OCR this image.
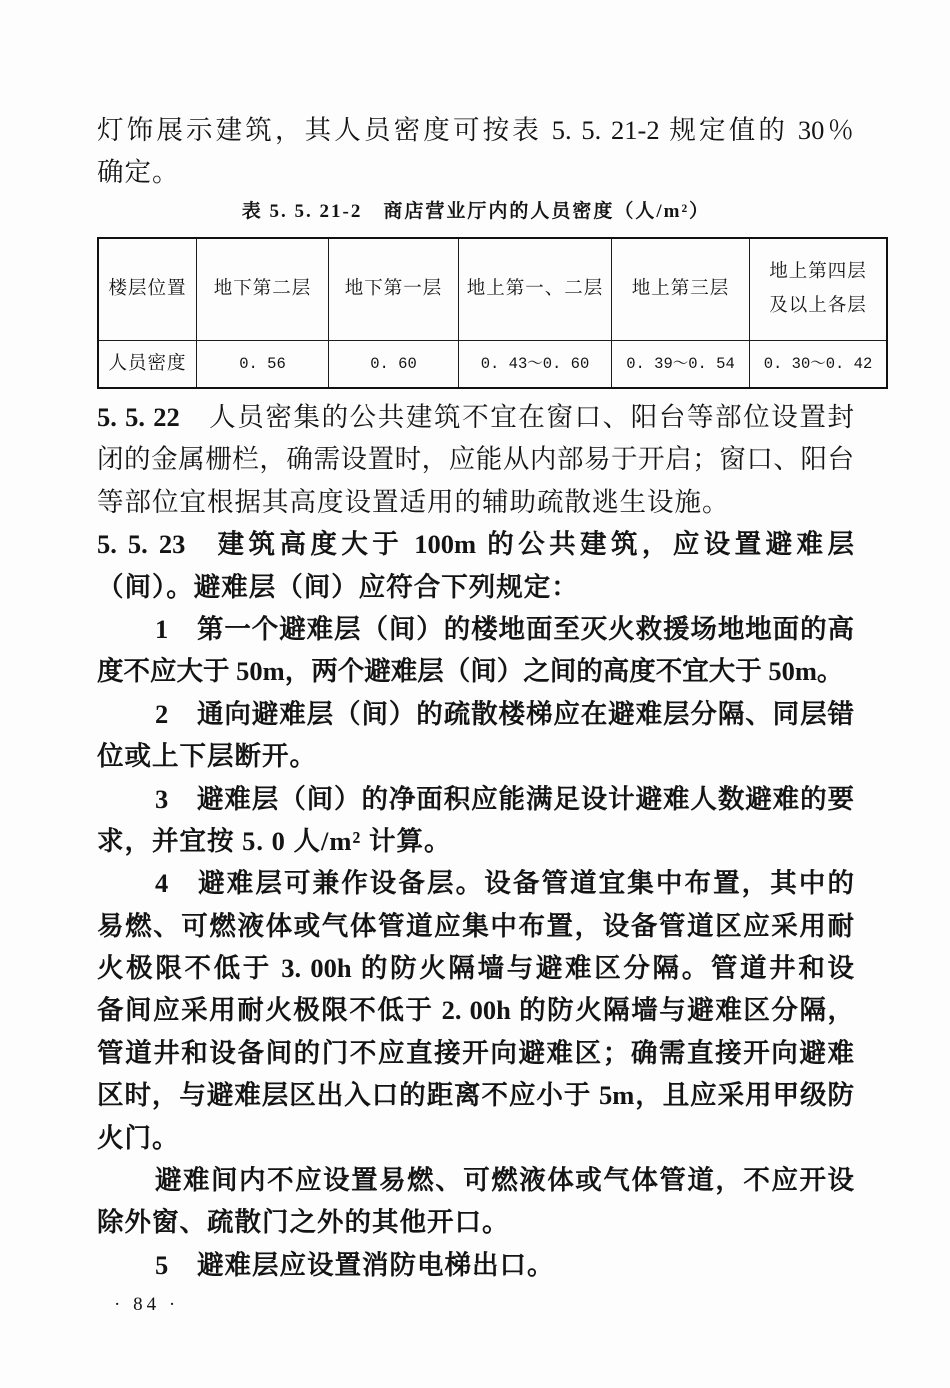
灯饰展示建筑，其人员密度可按表 5. 5. 21-2 规定值的 30％
确定。
表 5. 5. 21-2　商店营业厅内的人员密度（人/m²）
楼层位置	地下第二层	地下第一层	地上第一、二层	地上第三层	地上第四层
及以上各层
人员密度	0. 56	0. 60	0. 43～0. 60	0. 39～0. 54	0. 30～0. 42
5. 5. 22 人员密集的公共建筑不宜在窗口、阳台等部位设置封
闭的金属栅栏，确需设置时，应能从内部易于开启；窗口、阳台
等部位宜根据其高度设置适用的辅助疏散逃生设施。
5. 5. 23 建筑高度大于 100m 的公共建筑，应设置避难层
（间）。避难层（间）应符合下列规定：
1 第一个避难层（间）的楼地面至灭火救援场地地面的高
度不应大于 50m，两个避难层（间）之间的高度不宜大于 50m。
2 通向避难层（间）的疏散楼梯应在避难层分隔、同层错
位或上下层断开。
3 避难层（间）的净面积应能满足设计避难人数避难的要
求，并宜按 5. 0 人/m² 计算。
4 避难层可兼作设备层。设备管道宜集中布置，其中的
易燃、可燃液体或气体管道应集中布置，设备管道区应采用耐
火极限不低于 3. 00h 的防火隔墙与避难区分隔。管道井和设
备间应采用耐火极限不低于 2. 00h 的防火隔墙与避难区分隔，
管道井和设备间的门不应直接开向避难区；确需直接开向避难
区时，与避难层区出入口的距离不应小于 5m，且应采用甲级防
火门。
避难间内不应设置易燃、可燃液体或气体管道，不应开设
除外窗、疏散门之外的其他开口。
5 避难层应设置消防电梯出口。
· 84 ·
